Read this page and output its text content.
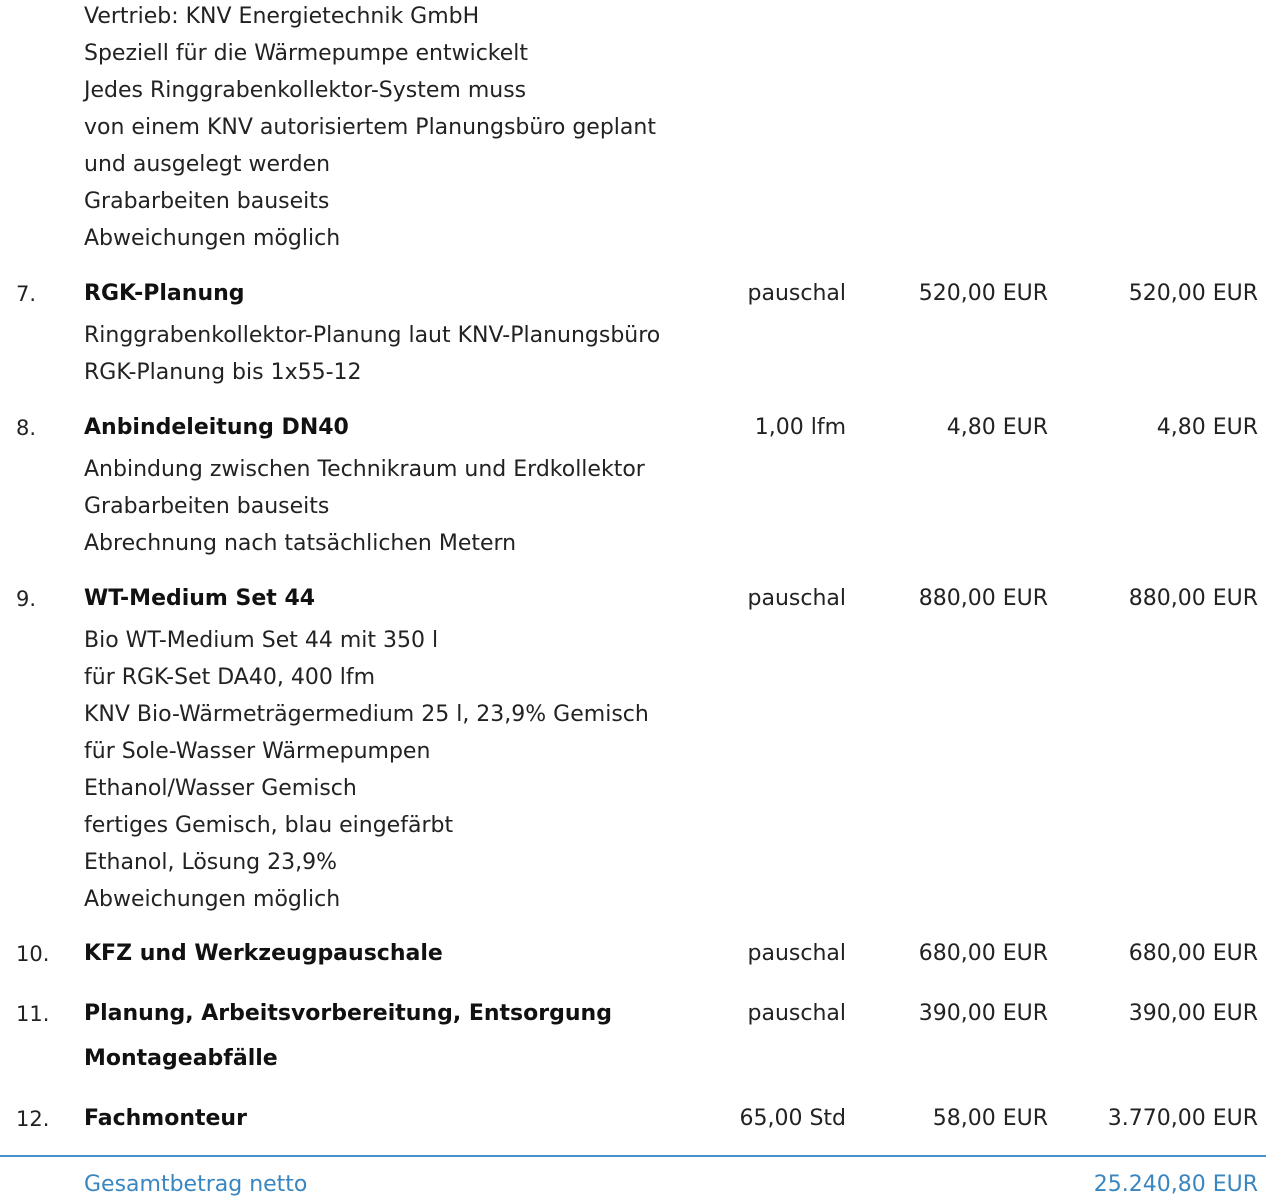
Vertrieb: KNV Energietechnik GmbH
Speziell für die Wärmepumpe entwickelt
Jedes Ringgrabenkollektor-System muss
von einem KNV autorisiertem Planungsbüro geplant
und ausgelegt werden
Grabarbeiten bauseits
Abweichungen möglich
7. RGK-Planung	pauschal	520,00 EUR	520,00 EUR
Ringgrabenkollektor-Planung laut KNV-Planungsbüro
RGK-Planung bis 1x55-12
8. Anbindeleitung DN40	1,00 lfm	4,80 EUR	4,80 EUR
Anbindung zwischen Technikraum und Erdkollektor
Grabarbeiten bauseits
Abrechnung nach tatsächlichen Metern
9. WT-Medium Set 44	pauschal	880,00 EUR	880,00 EUR
Bio WT-Medium Set 44 mit 350 l
für RGK-Set DA40, 400 lfm
KNV Bio-Wärmeträgermedium 25 l, 23,9% Gemisch
für Sole-Wasser Wärmepumpen
Ethanol/Wasser Gemisch
fertiges Gemisch, blau eingefärbt
Ethanol, Lösung 23,9%
Abweichungen möglich
10. KFZ und Werkzeugpauschale	pauschal	680,00 EUR	680,00 EUR
11. Planung, Arbeitsvorbereitung, Entsorgung
Montageabfälle
pauschal	390,00 EUR	390,00 EUR
12. Fachmonteur	65,00 Std	58,00 EUR	3.770,00 EUR
Gesamtbetrag netto	25.240,80 EUR
